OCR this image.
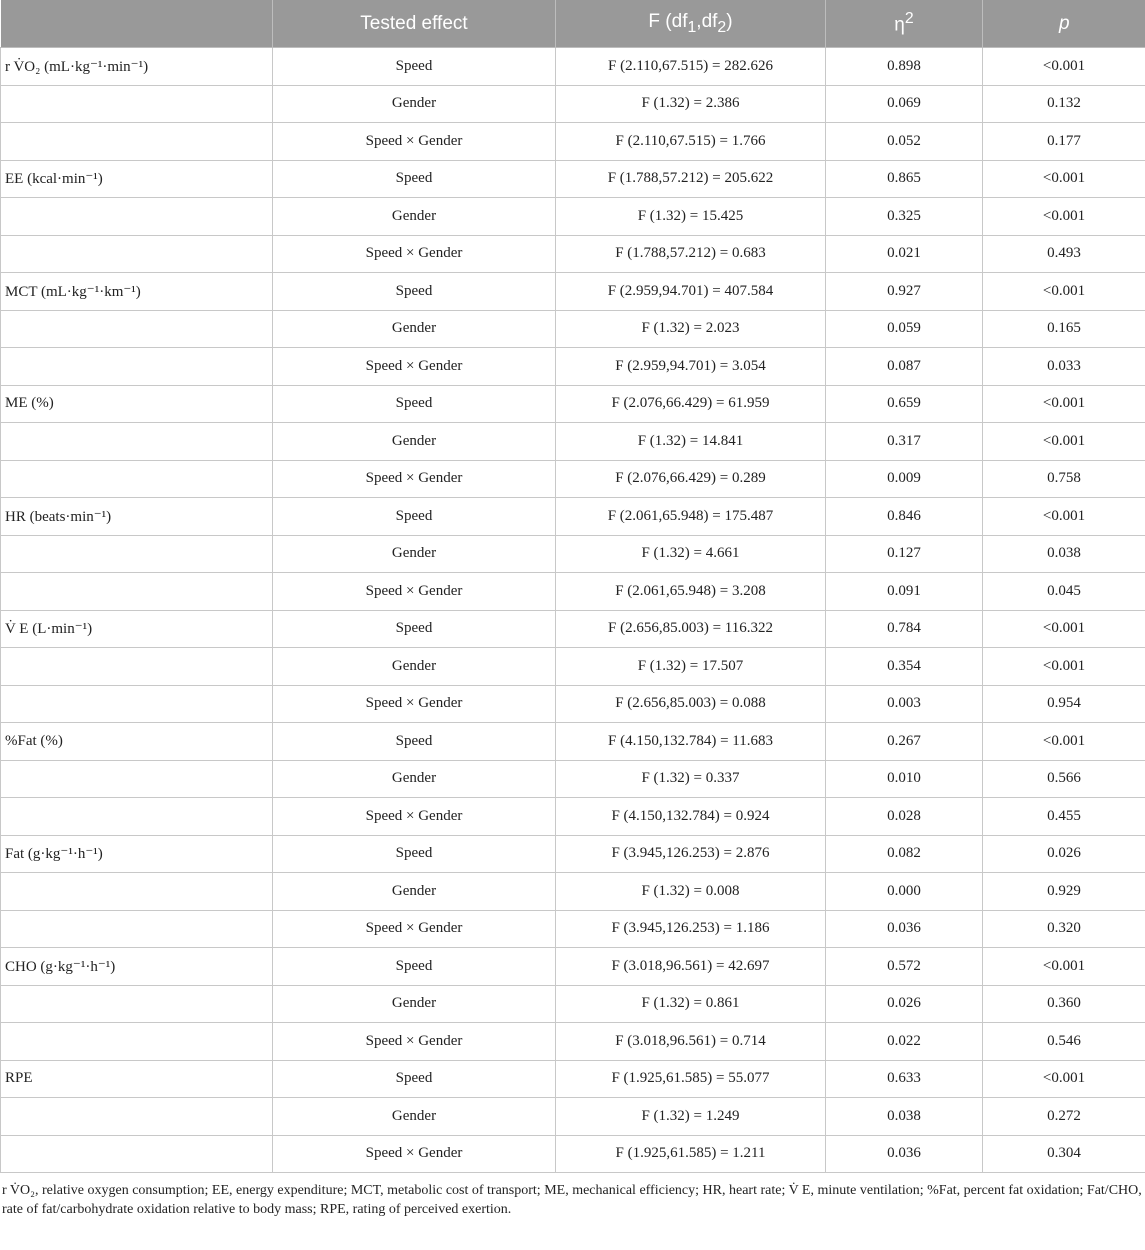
	Tested effect	F $(df_1,df_2)$	$\eta^2$	p
r V̇O₂ (mL·kg⁻¹·min⁻¹)	Speed	F (2.110,67.515) = 282.626	0.898	<0.001
	Gender	F (1.32) = 2.386	0.069	0.132
	Speed × Gender	F (2.110,67.515) = 1.766	0.052	0.177
EE (kcal·min⁻¹)	Speed	F (1.788,57.212) = 205.622	0.865	<0.001
	Gender	F (1.32) = 15.425	0.325	<0.001
	Speed × Gender	F (1.788,57.212) = 0.683	0.021	0.493
MCT (mL·kg⁻¹·km⁻¹)	Speed	F (2.959,94.701) = 407.584	0.927	<0.001
	Gender	F (1.32) = 2.023	0.059	0.165
	Speed × Gender	F (2.959,94.701) = 3.054	0.087	0.033
ME (%)	Speed	F (2.076,66.429) = 61.959	0.659	<0.001
	Gender	F (1.32) = 14.841	0.317	<0.001
	Speed × Gender	F (2.076,66.429) = 0.289	0.009	0.758
HR (beats·min⁻¹)	Speed	F (2.061,65.948) = 175.487	0.846	<0.001
	Gender	F (1.32) = 4.661	0.127	0.038
	Speed × Gender	F (2.061,65.948) = 3.208	0.091	0.045
V̇ E (L·min⁻¹)	Speed	F (2.656,85.003) = 116.322	0.784	<0.001
	Gender	F (1.32) = 17.507	0.354	<0.001
	Speed × Gender	F (2.656,85.003) = 0.088	0.003	0.954
%Fat (%)	Speed	F (4.150,132.784) = 11.683	0.267	<0.001
	Gender	F (1.32) = 0.337	0.010	0.566
	Speed × Gender	F (4.150,132.784) = 0.924	0.028	0.455
Fat (g·kg⁻¹·h⁻¹)	Speed	F (3.945,126.253) = 2.876	0.082	0.026
	Gender	F (1.32) = 0.008	0.000	0.929
	Speed × Gender	F (3.945,126.253) = 1.186	0.036	0.320
CHO (g·kg⁻¹·h⁻¹)	Speed	F (3.018,96.561) = 42.697	0.572	<0.001
	Gender	F (1.32) = 0.861	0.026	0.360
	Speed × Gender	F (3.018,96.561) = 0.714	0.022	0.546
RPE	Speed	F (1.925,61.585) = 55.077	0.633	<0.001
	Gender	F (1.32) = 1.249	0.038	0.272
	Speed × Gender	F (1.925,61.585) = 1.211	0.036	0.304
r V̇O₂, relative oxygen consumption; EE, energy expenditure; MCT, metabolic cost of transport; ME, mechanical efficiency; HR, heart rate; V̇ E, minute ventilation; %Fat, percent fat oxidation; Fat/CHO, rate of fat/carbohydrate oxidation relative to body mass; RPE, rating of perceived exertion.
